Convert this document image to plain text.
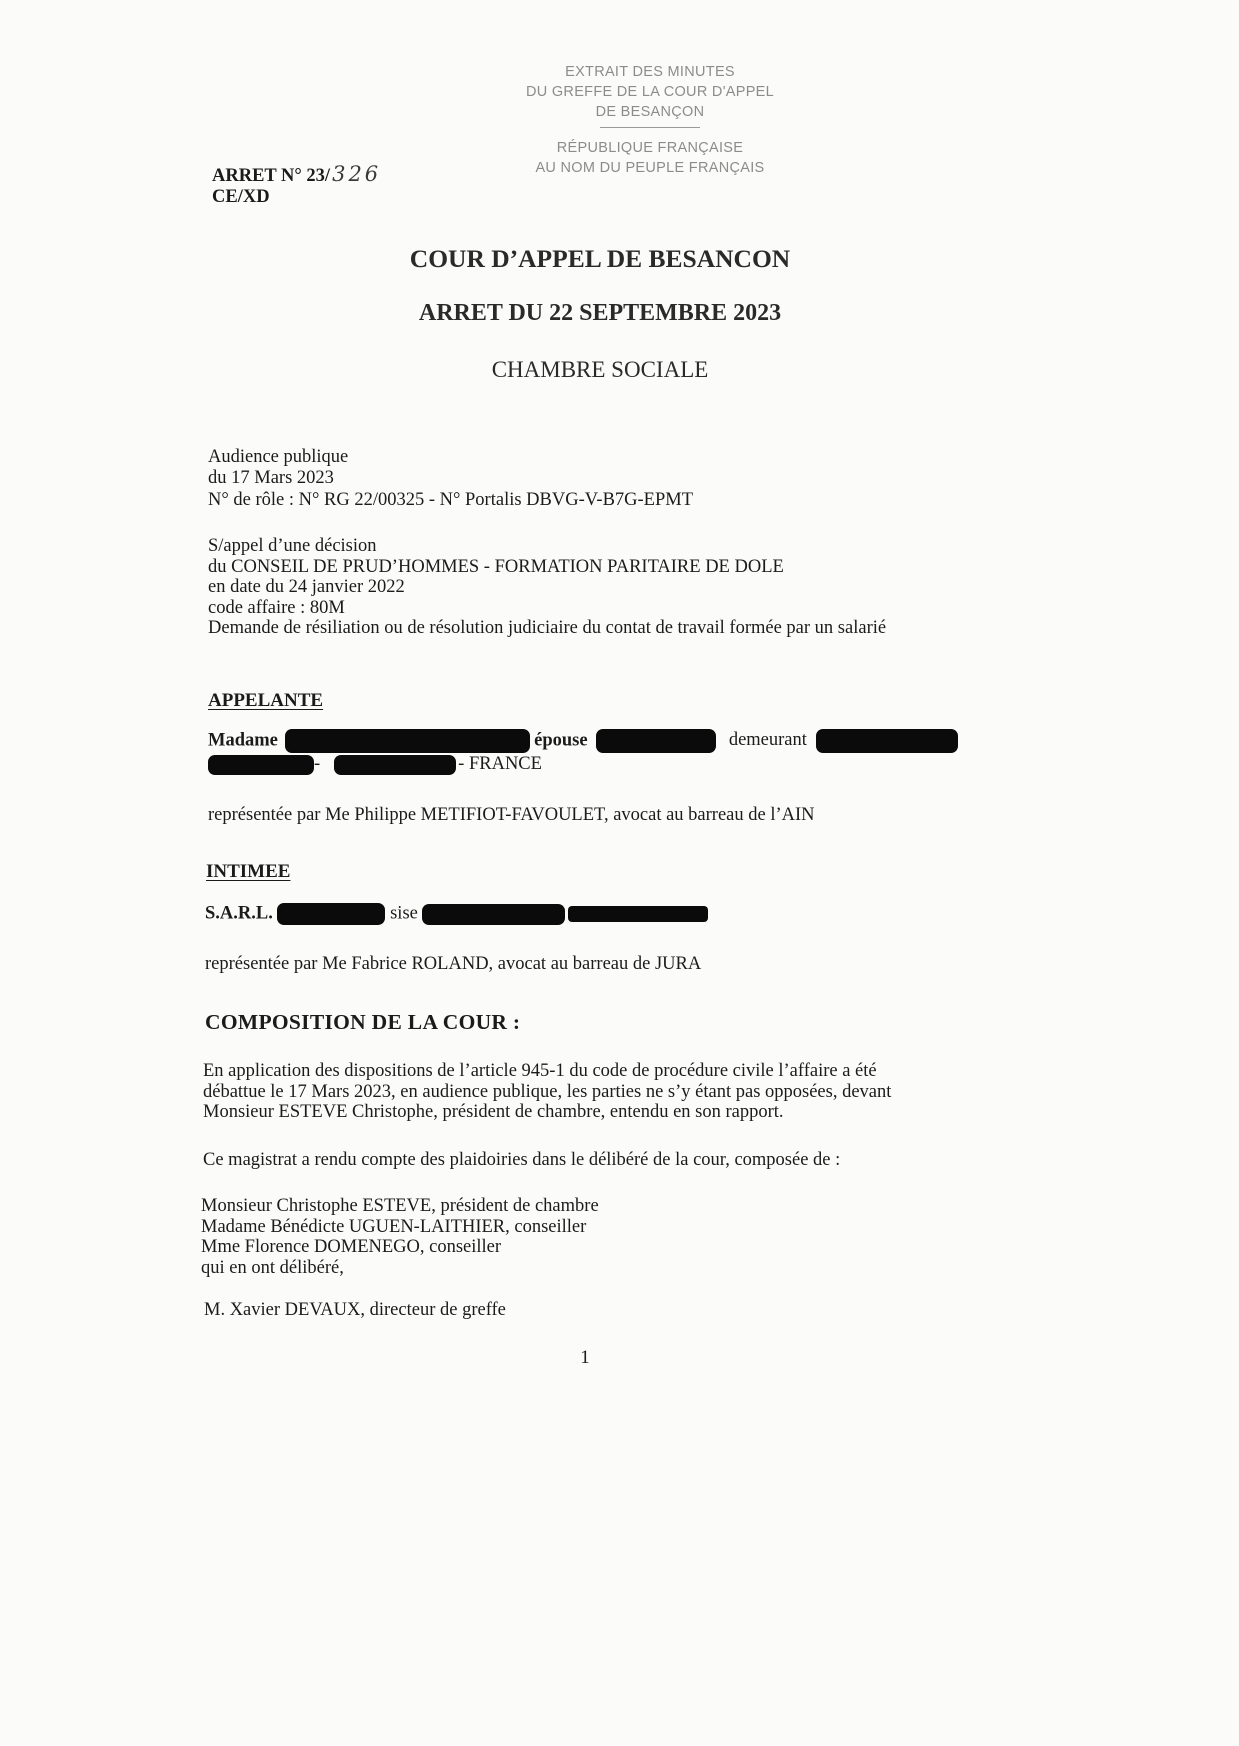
EXTRAIT DES MINUTES
DU GREFFE DE LA COUR D'APPEL
DE BESANÇON
RÉPUBLIQUE FRANÇAISE
AU NOM DU PEUPLE FRANÇAIS
ARRET N° 23/326
CE/XD
COUR D’APPEL DE BESANCON
ARRET DU 22 SEPTEMBRE 2023
CHAMBRE SOCIALE
Audience publique
du 17 Mars 2023
N° de rôle : N° RG 22/00325 - N° Portalis DBVG-V-B7G-EPMT
S/appel d’une décision
du CONSEIL DE PRUD’HOMMES - FORMATION PARITAIRE DE DOLE
en date du 24 janvier 2022
code affaire : 80M
Demande de résiliation ou de résolution judiciaire du contat de travail formée par un salarié
APPELANTE
Madame	épouse	demeurant
-	- FRANCE
représentée par Me Philippe METIFIOT-FAVOULET, avocat au barreau de l’AIN
INTIMEE
S.A.R.L.	sise
représentée par Me Fabrice ROLAND, avocat au barreau de JURA
COMPOSITION DE LA COUR :
En application des dispositions de l’article 945-1 du code de procédure civile l’affaire a été
débattue le 17 Mars 2023, en audience publique, les parties ne s’y étant pas opposées, devant
Monsieur ESTEVE Christophe, président de chambre, entendu en son rapport.
Ce magistrat a rendu compte des plaidoiries dans le délibéré de la cour, composée de :
Monsieur Christophe ESTEVE, président de chambre
Madame Bénédicte UGUEN-LAITHIER, conseiller
Mme Florence DOMENEGO, conseiller
qui en ont délibéré,
M. Xavier DEVAUX, directeur de greffe
1
